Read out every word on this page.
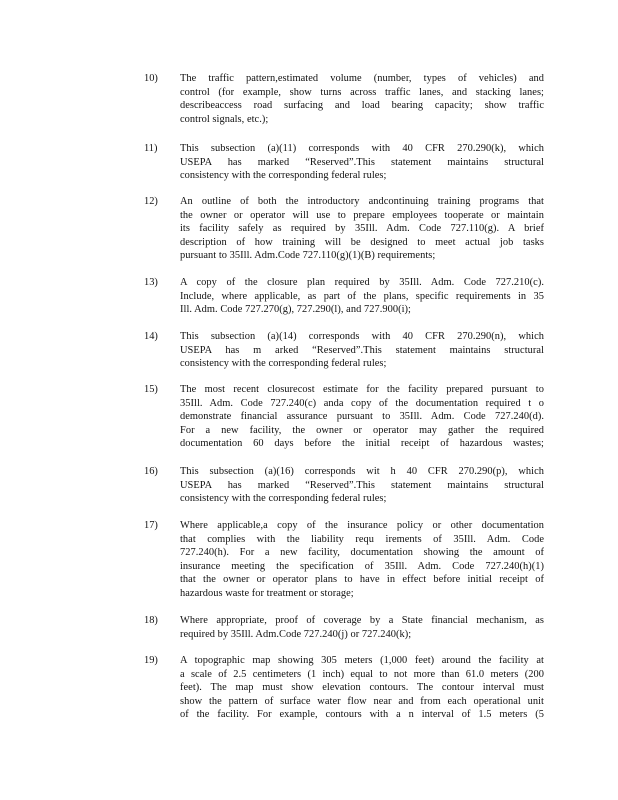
10) The traffic pattern,estimated volume (number, types of vehicles) and
control (for example, show turns across traffic lanes, and stacking lanes;
describeaccess road surfacing and load bearing capacity; show traffic
control signals, etc.);
11) This subsection (a)(11) corresponds with 40 CFR 270.290(k), which
USEPA has marked “Reserved”.This statement maintains structural
consistency with the corresponding federal rules;
12) An outline of both the introductory andcontinuing training programs that
the owner or operator will use to prepare employees tooperate or maintain
its facility safely as required by 35Ill. Adm. Code 727.110(g). A brief
description of how training will be designed to meet actual job tasks
pursuant to 35Ill. Adm.Code 727.110(g)(1)(B) requirements;
13) A copy of the closure plan required by 35Ill. Adm. Code 727.210(c).
Include, where applicable, as part of the plans, specific requirements in 35
Ill. Adm. Code 727.270(g), 727.290(l), and 727.900(i);
14) This subsection (a)(14) corresponds with 40 CFR 270.290(n), which
USEPA has m arked “Reserved”.This statement maintains structural
consistency with the corresponding federal rules;
15) The most recent closurecost estimate for the facility prepared pursuant to
35Ill. Adm. Code 727.240(c) anda copy of the documentation required t o
demonstrate financial assurance pursuant to 35Ill. Adm. Code 727.240(d).
For a new facility, the owner or operator may gather the required
documentation 60 days before the initial receipt of hazardous wastes;
16) This subsection (a)(16) corresponds wit h 40 CFR 270.290(p), which
USEPA has marked “Reserved”.This statement maintains structural
consistency with the corresponding federal rules;
17) Where applicable,a copy of the insurance policy or other documentation
that complies with the liability requ irements of 35Ill. Adm. Code
727.240(h). For a new facility, documentation showing the amount of
insurance meeting the specification of 35Ill. Adm. Code 727.240(h)(1)
that the owner or operator plans to have in effect before initial receipt of
hazardous waste for treatment or storage;
18) Where appropriate, proof of coverage by a State financial mechanism, as
required by 35Ill. Adm.Code 727.240(j) or 727.240(k);
19) A topographic map showing 305 meters (1,000 feet) around the facility at
a scale of 2.5 centimeters (1 inch) equal to not more than 61.0 meters (200
feet). The map must show elevation contours. The contour interval must
show the pattern of surface water flow near and from each operational unit
of the facility. For example, contours with a n interval of 1.5 meters (5
